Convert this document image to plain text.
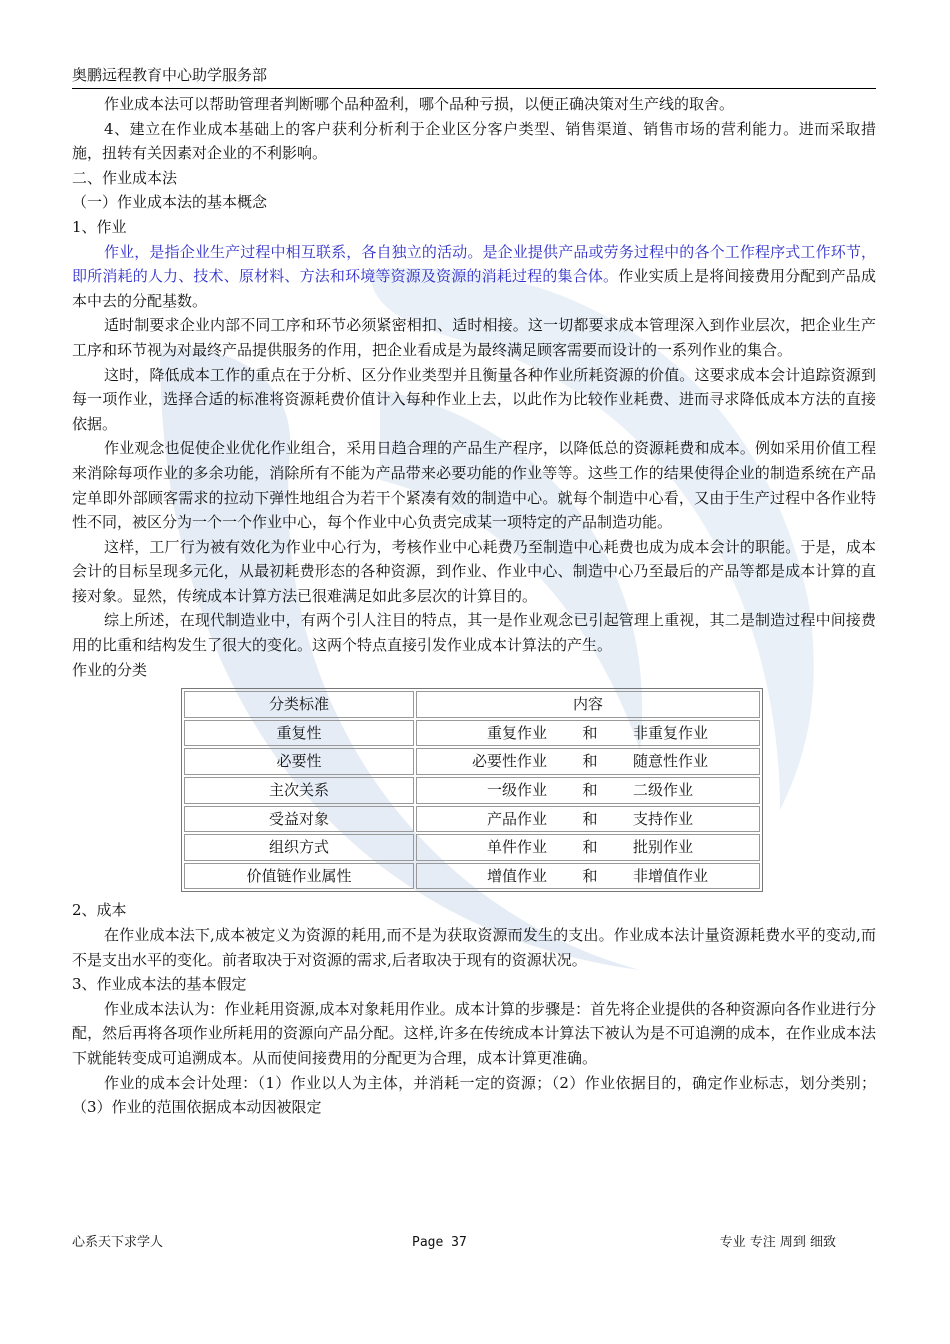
奥鹏远程教育中心助学服务部

作业成本法可以帮助管理者判断哪个品种盈利，哪个品种亏损，以便正确决策对生产线的取舍。

4、建立在作业成本基础上的客户获利分析利于企业区分客户类型、销售渠道、销售市场的营利能力。进而采取措施，扭转有关因素对企业的不利影响。

二、作业成本法

（一）作业成本法的基本概念

1、作业

作业，是指企业生产过程中相互联系，各自独立的活动。是企业提供产品或劳务过程中的各个工作程序式工作环节，即所消耗的人力、技术、原材料、方法和环境等资源及资源的消耗过程的集合体。作业实质上是将间接费用分配到产品成本中去的分配基数。

适时制要求企业内部不同工序和环节必须紧密相扣、适时相接。这一切都要求成本管理深入到作业层次，把企业生产工序和环节视为对最终产品提供服务的作用，把企业看成是为最终满足顾客需要而设计的一系列作业的集合。

这时，降低成本工作的重点在于分析、区分作业类型并且衡量各种作业所耗资源的价值。这要求成本会计追踪资源到每一项作业，选择合适的标准将资源耗费价值计入每种作业上去，以此作为比较作业耗费、进而寻求降低成本方法的直接依据。

作业观念也促使企业优化作业组合，采用日趋合理的产品生产程序，以降低总的资源耗费和成本。例如采用价值工程来消除每项作业的多余功能，消除所有不能为产品带来必要功能的作业等等。这些工作的结果使得企业的制造系统在产品定单即外部顾客需求的拉动下弹性地组合为若干个紧凑有效的制造中心。就每个制造中心看，又由于生产过程中各作业特性不同，被区分为一个一个作业中心，每个作业中心负责完成某一项特定的产品制造功能。

这样，工厂行为被有效化为作业中心行为，考核作业中心耗费乃至制造中心耗费也成为成本会计的职能。于是，成本会计的目标呈现多元化，从最初耗费形态的各种资源，到作业、作业中心、制造中心乃至最后的产品等都是成本计算的直接对象。显然，传统成本计算方法已很难满足如此多层次的计算目的。

综上所述，在现代制造业中，有两个引人注目的特点，其一是作业观念已引起管理上重视，其二是制造过程中间接费用的比重和结构发生了很大的变化。这两个特点直接引发作业成本计算法的产生。

作业的分类

分类标准	内容
重复性	重复作业 和 非重复作业
必要性	必要性作业 和 随意性作业
主次关系	一级作业 和 二级作业
受益对象	产品作业 和 支持作业
组织方式	单件作业 和 批别作业
价值链作业属性	增值作业 和 非增值作业

2、成本

在作业成本法下,成本被定义为资源的耗用,而不是为获取资源而发生的支出。作业成本法计量资源耗费水平的变动,而不是支出水平的变化。前者取决于对资源的需求,后者取决于现有的资源状况。

3、作业成本法的基本假定

作业成本法认为：作业耗用资源,成本对象耗用作业。成本计算的步骤是：首先将企业提供的各种资源向各作业进行分配，然后再将各项作业所耗用的资源向产品分配。这样,许多在传统成本计算法下被认为是不可追溯的成本，在作业成本法下就能转变成可追溯成本。从而使间接费用的分配更为合理，成本计算更准确。

作业的成本会计处理：（1）作业以人为主体，并消耗一定的资源；（2）作业依据目的，确定作业标志，划分类别；（3）作业的范围依据成本动因被限定

心系天下求学人	Page 37	专业 专注 周到 细致
